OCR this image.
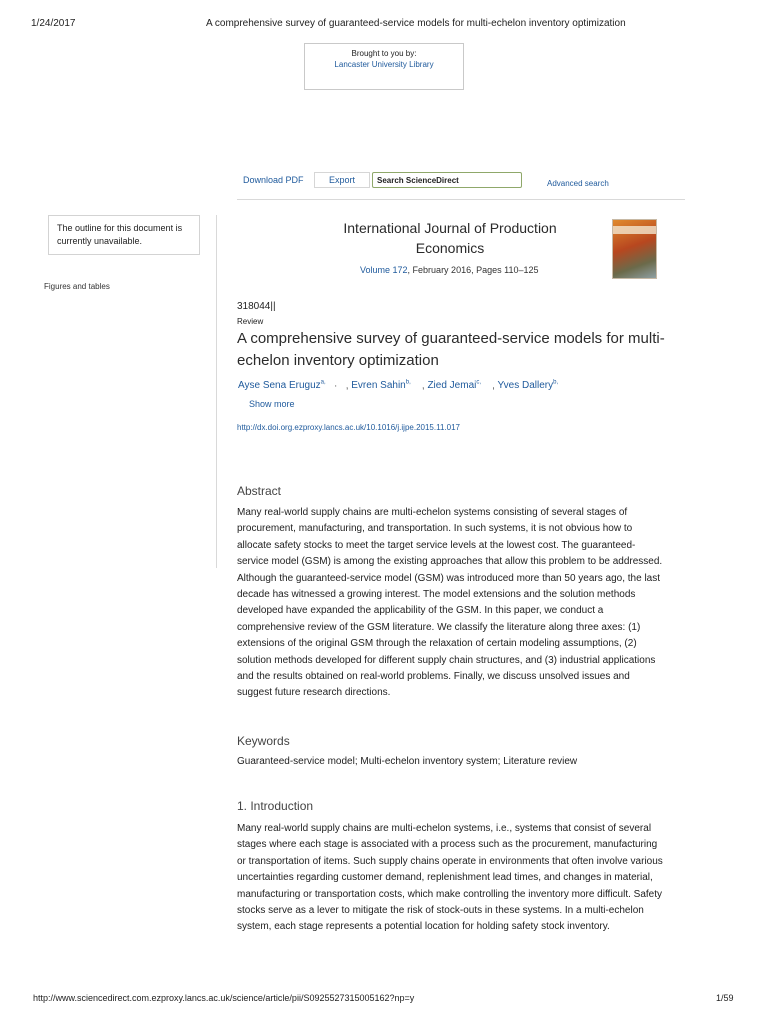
1/24/2017	A comprehensive survey of guaranteed-service models for multi-echelon inventory optimization
Brought to you by:
Lancaster University Library
Download PDF	Export
Search ScienceDirect	Advanced search
The outline for this document is currently unavailable.
Figures and tables
International Journal of Production Economics
Volume 172, February 2016, Pages 110–125
318044||
Review
A comprehensive survey of guaranteed-service models for multi-echelon inventory optimization
Ayse Sena Eruguz$^{a,}$ ·   , Evren Sahin$^{b,}$    , Zied Jemai$^{c,}$    , Yves Dallery$^{b,}$
Show more
http://dx.doi.org.ezproxy.lancs.ac.uk/10.1016/j.ijpe.2015.11.017
Abstract
Many real-world supply chains are multi-echelon systems consisting of several stages of procurement, manufacturing, and transportation. In such systems, it is not obvious how to allocate safety stocks to meet the target service levels at the lowest cost. The guaranteed-service model (GSM) is among the existing approaches that allow this problem to be addressed. Although the guaranteed-service model (GSM) was introduced more than 50 years ago, the last decade has witnessed a growing interest. The model extensions and the solution methods developed have expanded the applicability of the GSM. In this paper, we conduct a comprehensive review of the GSM literature. We classify the literature along three axes: (1) extensions of the original GSM through the relaxation of certain modeling assumptions, (2) solution methods developed for different supply chain structures, and (3) industrial applications and the results obtained on real-world problems. Finally, we discuss unsolved issues and suggest future research directions.
Keywords
Guaranteed-service model; Multi-echelon inventory system; Literature review
1. Introduction
Many real-world supply chains are multi-echelon systems, i.e., systems that consist of several stages where each stage is associated with a process such as the procurement, manufacturing or transportation of items. Such supply chains operate in environments that often involve various uncertainties regarding customer demand, replenishment lead times, and changes in material, manufacturing or transportation costs, which make controlling the inventory more difficult. Safety stocks serve as a lever to mitigate the risk of stock-outs in these systems. In a multi-echelon system, each stage represents a potential location for holding safety stock inventory.
http://www.sciencedirect.com.ezproxy.lancs.ac.uk/science/article/pii/S0925527315005162?np=y	1/59
